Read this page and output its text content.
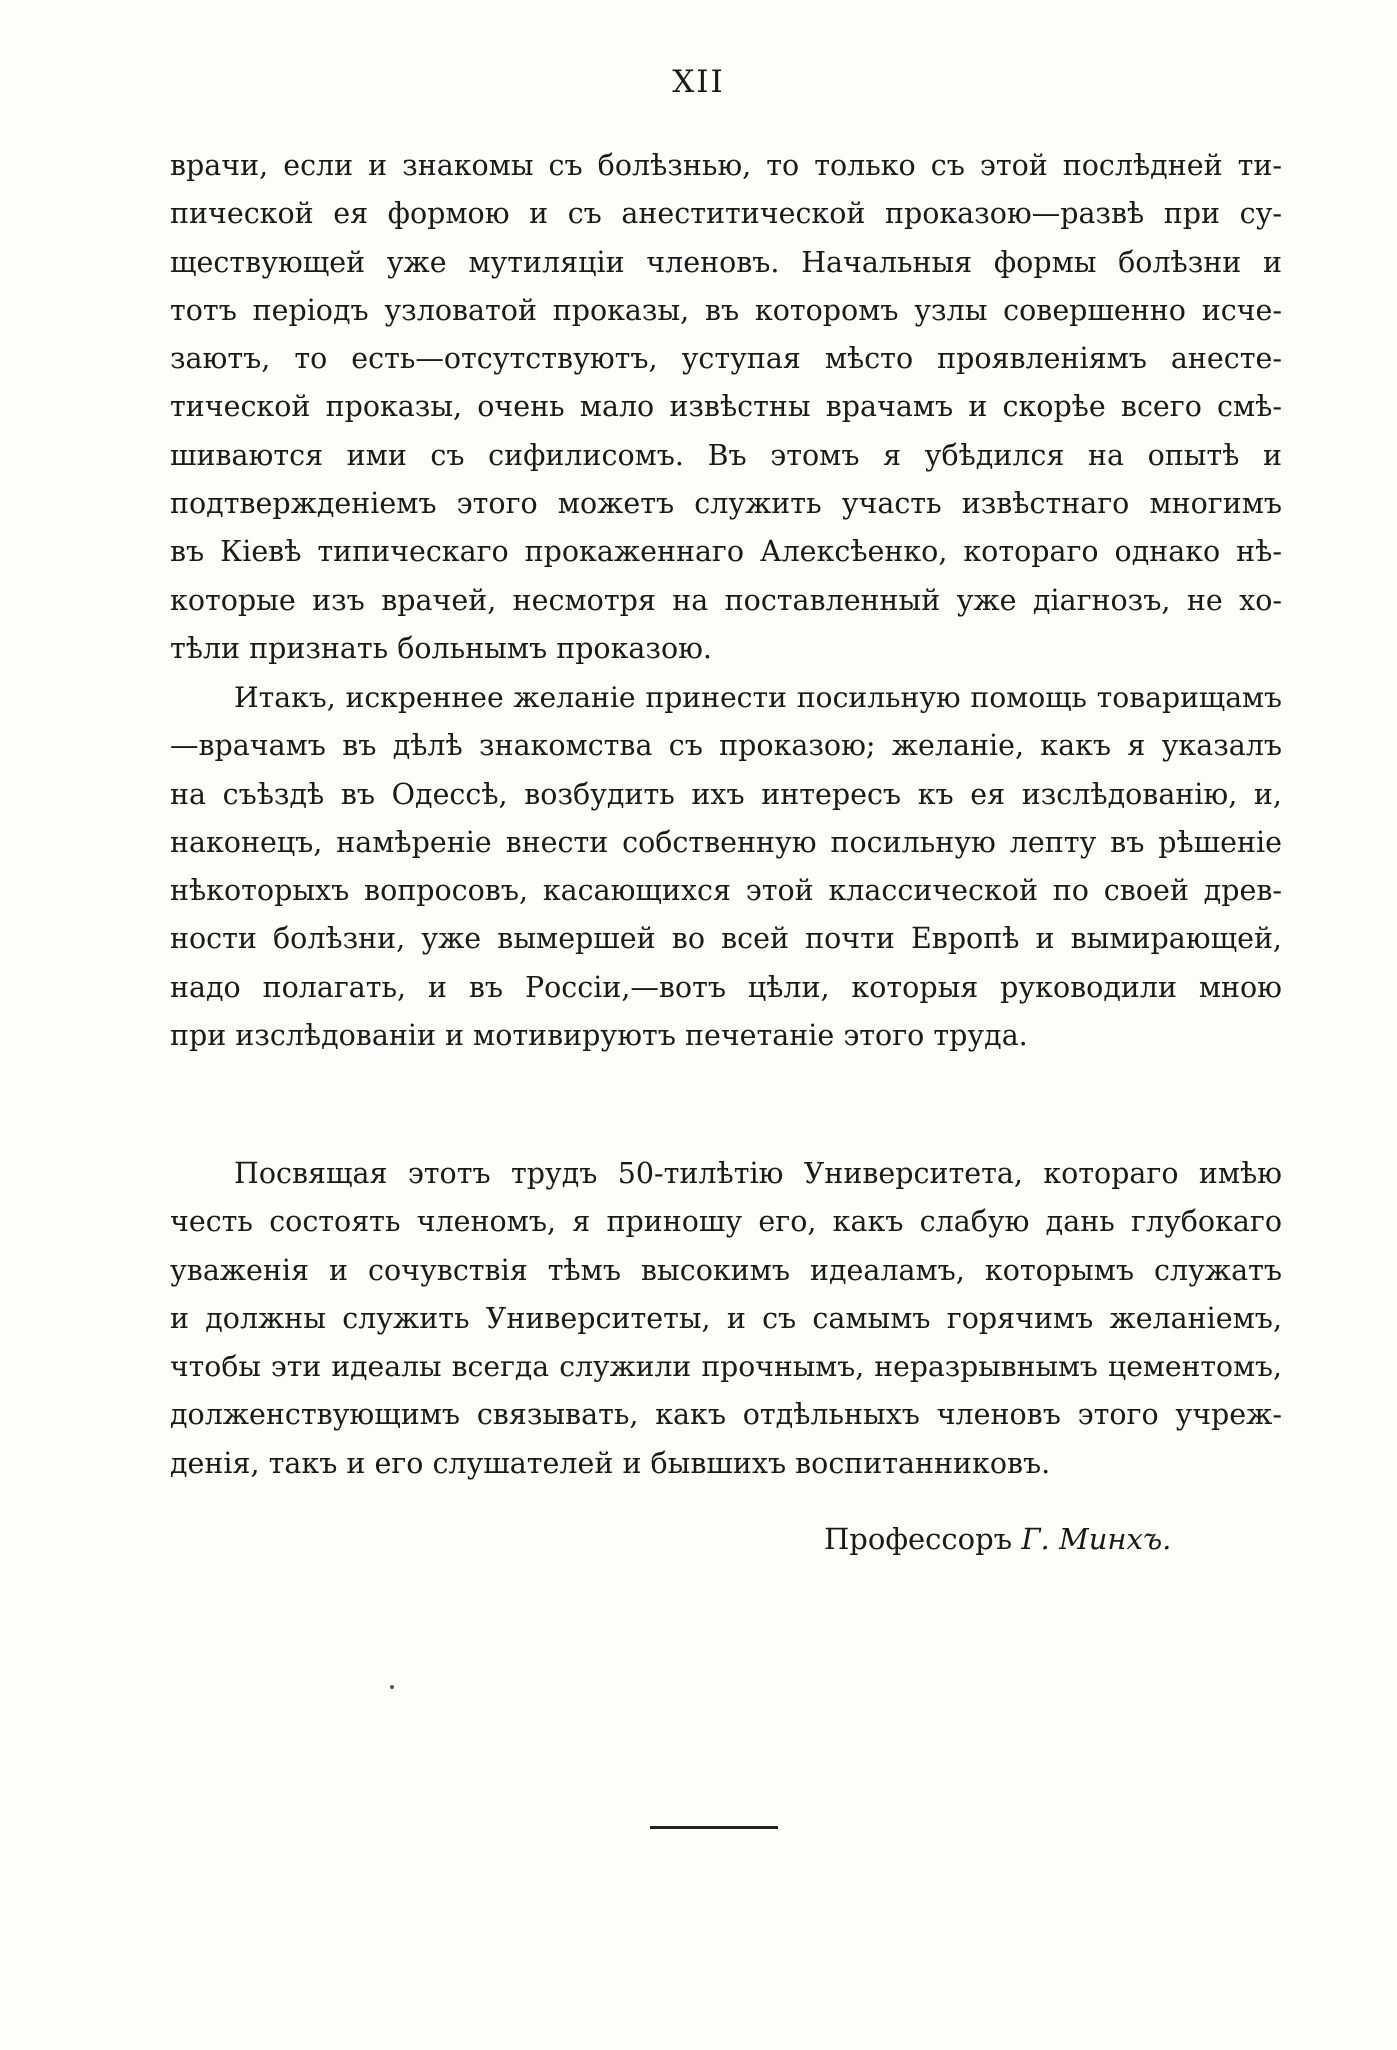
XII
врачи, если и знакомы съ болѣзнью, то только съ этой послѣдней ти-
пической ея формою и съ анеститической проказою—развѣ при су-
ществующей уже мутиляціи членовъ. Начальныя формы болѣзни и
тотъ періодъ узловатой проказы, въ которомъ узлы совершенно исче-
заютъ, то есть—отсутствуютъ, уступая мѣсто проявленіямъ анесте-
тической проказы, очень мало извѣстны врачамъ и скорѣе всего смѣ-
шиваются ими съ сифилисомъ. Въ этомъ я убѣдился на опытѣ и
подтвержденіемъ этого можетъ служить участь извѣстнаго многимъ
въ Кіевѣ типическаго прокаженнаго Алексѣенко, котораго однако нѣ-
которые изъ врачей, несмотря на поставленный уже діагнозъ, не хо-
тѣли признать больнымъ проказою.
Итакъ, искреннее желаніе принести посильную помощь товарищамъ
—врачамъ въ дѣлѣ знакомства съ проказою; желаніе, какъ я указалъ
на съѣздѣ въ Одессѣ, возбудить ихъ интересъ къ ея изслѣдованію, и,
наконецъ, намѣреніе внести собственную посильную лепту въ рѣшеніе
нѣкоторыхъ вопросовъ, касающихся этой классической по своей древ-
ности болѣзни, уже вымершей во всей почти Европѣ и вымирающей,
надо полагать, и въ Россіи,—вотъ цѣли, которыя руководили мною
при изслѣдованіи и мотивируютъ печетаніе этого труда.
Посвящая этотъ трудъ 50-тилѣтію Университета, котораго имѣю
честь состоять членомъ, я приношу его, какъ слабую дань глубокаго
уваженія и сочувствія тѣмъ высокимъ идеаламъ, которымъ служатъ
и должны служить Университеты, и съ самымъ горячимъ желаніемъ,
чтобы эти идеалы всегда служили прочнымъ, неразрывнымъ цементомъ,
долженствующимъ связывать, какъ отдѣльныхъ членовъ этого учреж-
денія, такъ и его слушателей и бывшихъ воспитанниковъ.
Профессоръ Г. Минхъ.
